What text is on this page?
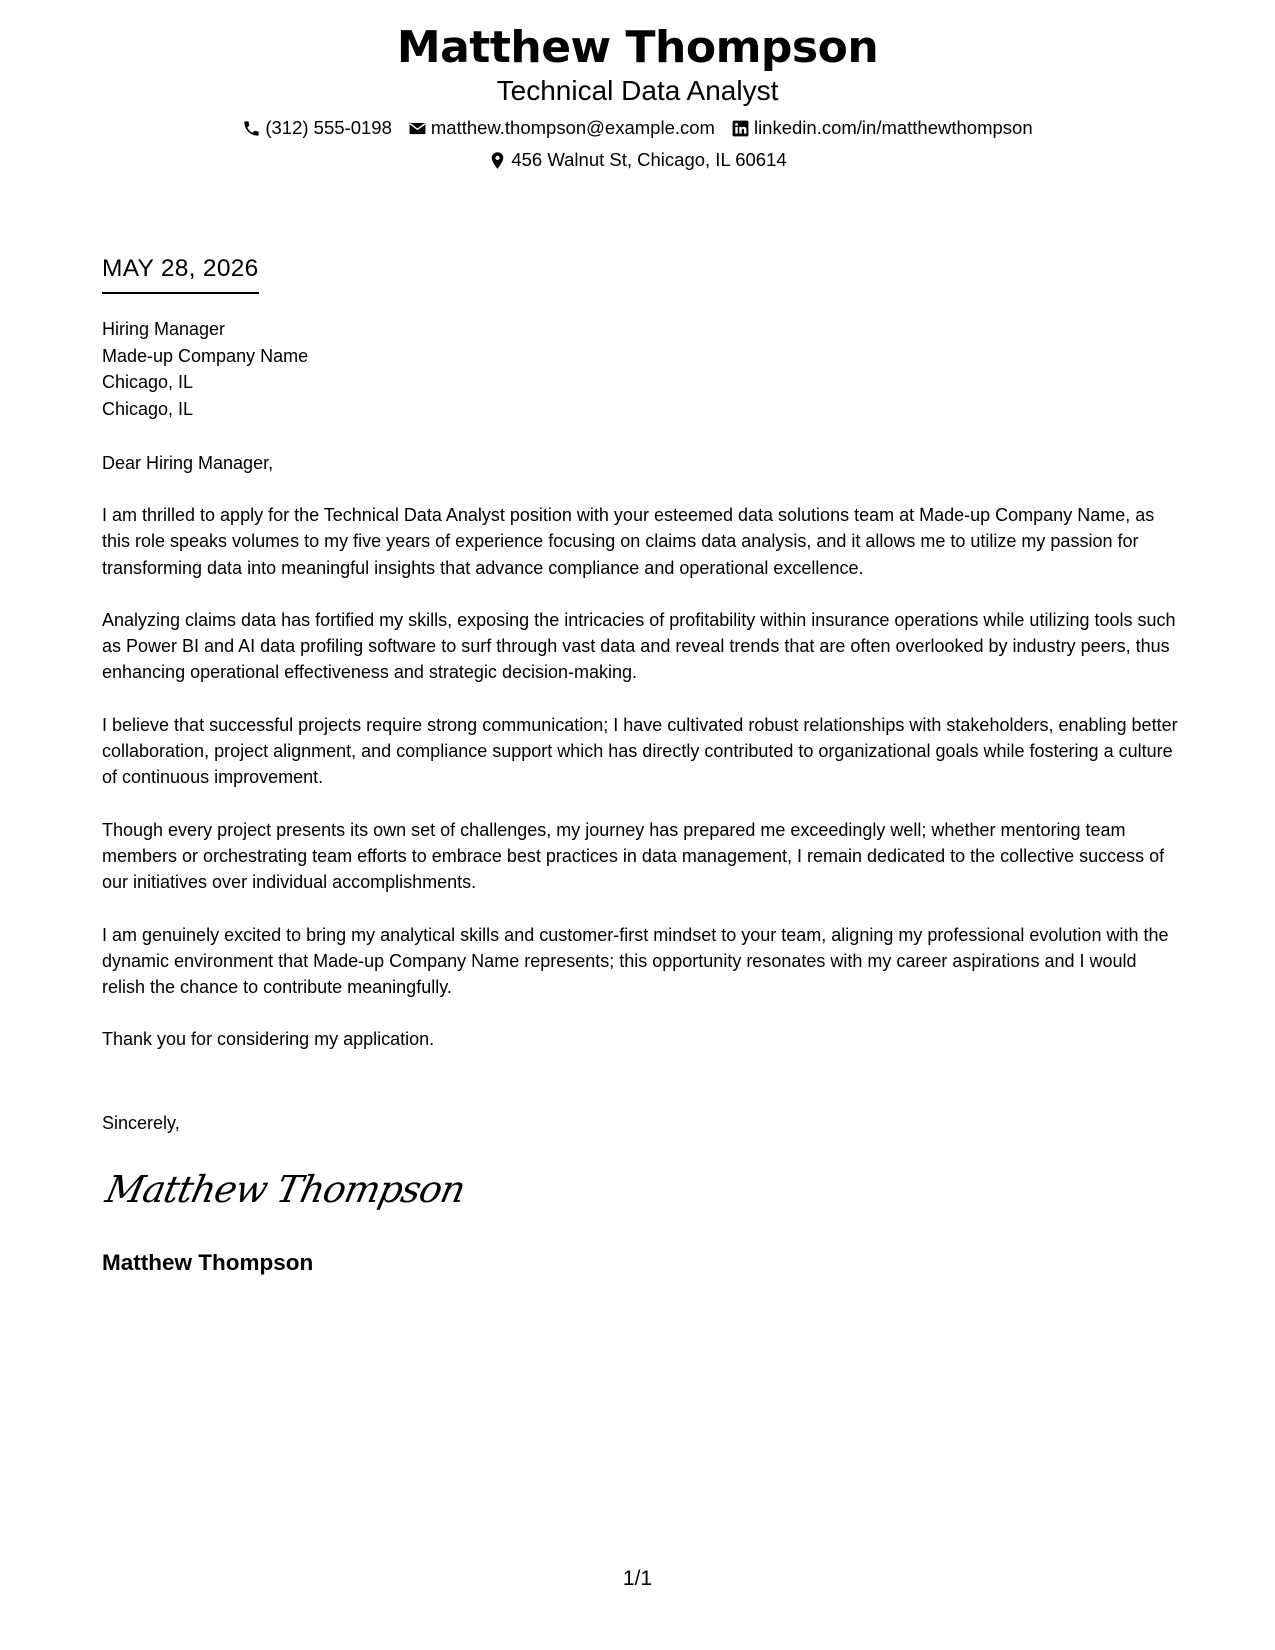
Matthew Thompson
Technical Data Analyst
(312) 555-0198 matthew.thompson@example.com linkedin.com/in/matthewthompson
456 Walnut St, Chicago, IL 60614
MAY 28, 2026
Hiring Manager
Made-up Company Name
Chicago, IL
Chicago, IL
Dear Hiring Manager,

I am thrilled to apply for the Technical Data Analyst position with your esteemed data solutions team at Made-up Company Name, as this role speaks volumes to my five years of experience focusing on claims data analysis, and it allows me to utilize my passion for transforming data into meaningful insights that advance compliance and operational excellence.

Analyzing claims data has fortified my skills, exposing the intricacies of profitability within insurance operations while utilizing tools such as Power BI and AI data profiling software to surf through vast data and reveal trends that are often overlooked by industry peers, thus enhancing operational effectiveness and strategic decision-making.

I believe that successful projects require strong communication; I have cultivated robust relationships with stakeholders, enabling better collaboration, project alignment, and compliance support which has directly contributed to organizational goals while fostering a culture of continuous improvement.

Though every project presents its own set of challenges, my journey has prepared me exceedingly well; whether mentoring team members or orchestrating team efforts to embrace best practices in data management, I remain dedicated to the collective success of our initiatives over individual accomplishments.

I am genuinely excited to bring my analytical skills and customer-first mindset to your team, aligning my professional evolution with the dynamic environment that Made-up Company Name represents; this opportunity resonates with my career aspirations and I would relish the chance to contribute meaningfully.

Thank you for considering my application.

Sincerely,
Matthew Thompson
Matthew Thompson
1/1
